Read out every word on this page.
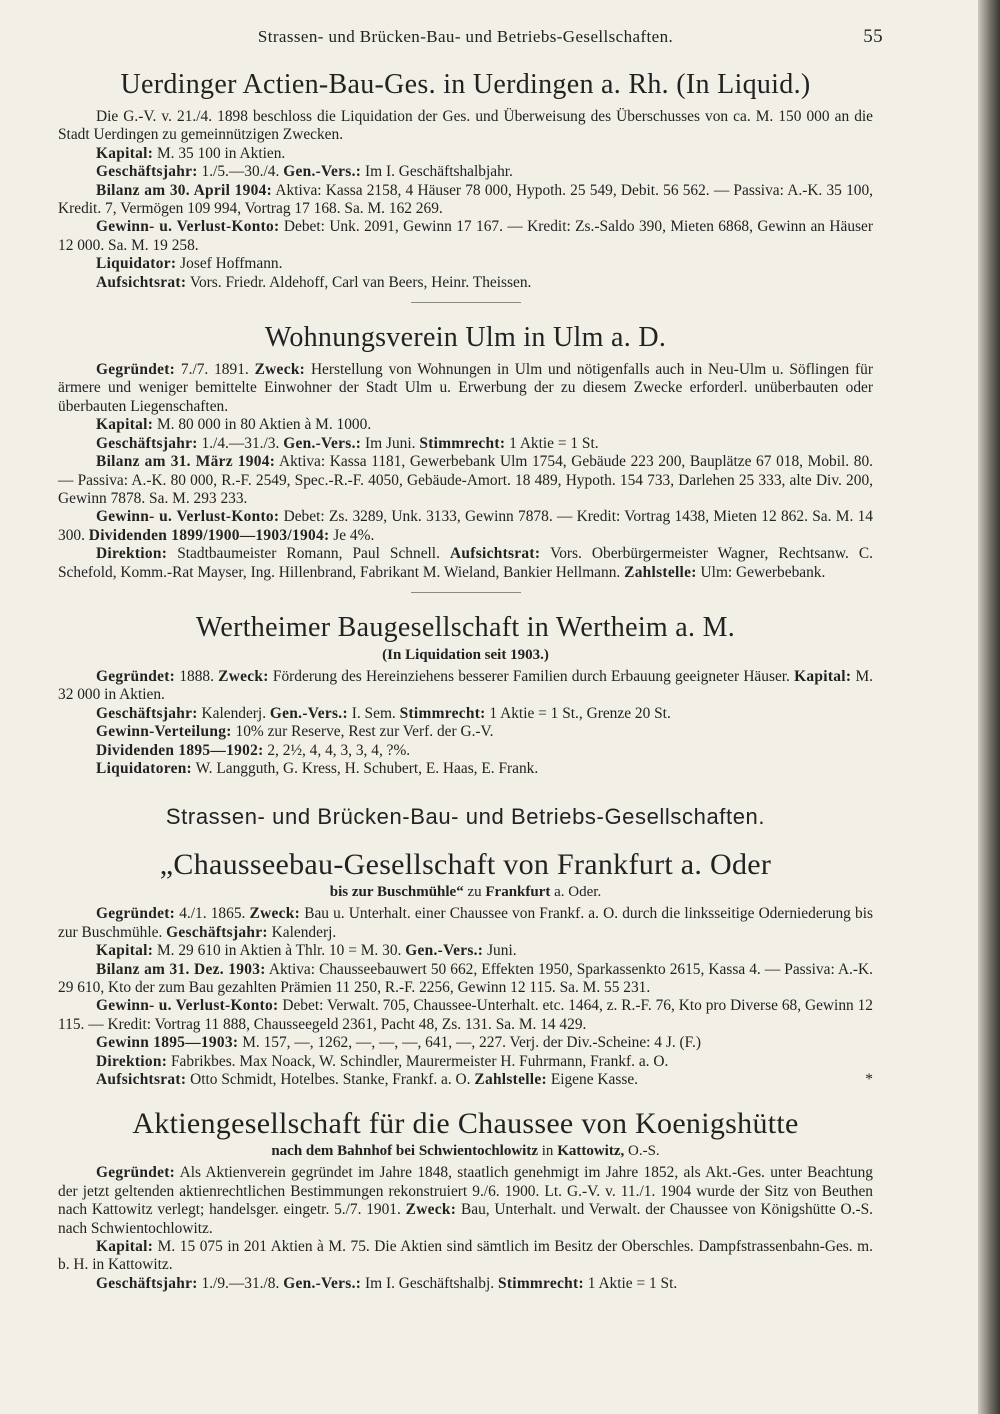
Strassen- und Brücken-Bau- und Betriebs-Gesellschaften.	55
Uerdinger Actien-Bau-Ges. in Uerdingen a. Rh. (In Liquid.)

Die G.-V. v. 21./4. 1898 beschloss die Liquidation der Ges. und Überweisung des Überschusses von ca. M. 150 000 an die Stadt Uerdingen zu gemeinnützigen Zwecken.

Kapital: M. 35 100 in Aktien.

Geschäftsjahr: 1./5.—30./4. Gen.-Vers.: Im I. Geschäftshalbjahr.

Bilanz am 30. April 1904: Aktiva: Kassa 2158, 4 Häuser 78 000, Hypoth. 25 549, Debit. 56 562. — Passiva: A.-K. 35 100, Kredit. 7, Vermögen 109 994, Vortrag 17 168. Sa. M. 162 269.

Gewinn- u. Verlust-Konto: Debet: Unk. 2091, Gewinn 17 167. — Kredit: Zs.-Saldo 390, Mieten 6868, Gewinn an Häuser 12 000. Sa. M. 19 258.

Liquidator: Josef Hoffmann.

Aufsichtsrat: Vors. Friedr. Aldehoff, Carl van Beers, Heinr. Theissen.

Wohnungsverein Ulm in Ulm a. D.

Gegründet: 7./7. 1891. Zweck: Herstellung von Wohnungen in Ulm und nötigenfalls auch in Neu-Ulm u. Söflingen für ärmere und weniger bemittelte Einwohner der Stadt Ulm u. Erwerbung der zu diesem Zwecke erforderl. unüberbauten oder überbauten Liegenschaften.

Kapital: M. 80 000 in 80 Aktien à M. 1000.

Geschäftsjahr: 1./4.—31./3. Gen.-Vers.: Im Juni. Stimmrecht: 1 Aktie = 1 St.

Bilanz am 31. März 1904: Aktiva: Kassa 1181, Gewerbebank Ulm 1754, Gebäude 223 200, Bauplätze 67 018, Mobil. 80. — Passiva: A.-K. 80 000, R.-F. 2549, Spec.-R.-F. 4050, Gebäude-Amort. 18 489, Hypoth. 154 733, Darlehen 25 333, alte Div. 200, Gewinn 7878. Sa. M. 293 233.

Gewinn- u. Verlust-Konto: Debet: Zs. 3289, Unk. 3133, Gewinn 7878. — Kredit: Vortrag 1438, Mieten 12 862. Sa. M. 14 300. Dividenden 1899/1900—1903/1904: Je 4%.

Direktion: Stadtbaumeister Romann, Paul Schnell. Aufsichtsrat: Vors. Oberbürgermeister Wagner, Rechtsanw. C. Schefold, Komm.-Rat Mayser, Ing. Hillenbrand, Fabrikant M. Wieland, Bankier Hellmann. Zahlstelle: Ulm: Gewerbebank.

Wertheimer Baugesellschaft in Wertheim a. M.
(In Liquidation seit 1903.)

Gegründet: 1888. Zweck: Förderung des Hereinziehens besserer Familien durch Erbauung geeigneter Häuser. Kapital: M. 32 000 in Aktien.

Geschäftsjahr: Kalenderj. Gen.-Vers.: I. Sem. Stimmrecht: 1 Aktie = 1 St., Grenze 20 St.

Gewinn-Verteilung: 10% zur Reserve, Rest zur Verf. der G.-V.

Dividenden 1895—1902: 2, 2½, 4, 4, 3, 3, 4, ?%.

Liquidatoren: W. Langguth, G. Kress, H. Schubert, E. Haas, E. Frank.

Strassen- und Brücken-Bau- und Betriebs-Gesellschaften.
„Chausseebau-Gesellschaft von Frankfurt a. Oder
bis zur Buschmühle“ zu Frankfurt a. Oder.

Gegründet: 4./1. 1865. Zweck: Bau u. Unterhalt. einer Chaussee von Frankf. a. O. durch die linksseitige Oderniederung bis zur Buschmühle. Geschäftsjahr: Kalenderj.

Kapital: M. 29 610 in Aktien à Thlr. 10 = M. 30. Gen.-Vers.: Juni.

Bilanz am 31. Dez. 1903: Aktiva: Chausseebauwert 50 662, Effekten 1950, Sparkassenkto 2615, Kassa 4. — Passiva: A.-K. 29 610, Kto der zum Bau gezahlten Prämien 11 250, R.-F. 2256, Gewinn 12 115. Sa. M. 55 231.

Gewinn- u. Verlust-Konto: Debet: Verwalt. 705, Chaussee-Unterhalt. etc. 1464, z. R.-F. 76, Kto pro Diverse 68, Gewinn 12 115. — Kredit: Vortrag 11 888, Chausseegeld 2361, Pacht 48, Zs. 131. Sa. M. 14 429.

Gewinn 1895—1903: M. 157, —, 1262, —, —, —, 641, —, 227. Verj. der Div.-Scheine: 4 J. (F.)

Direktion: Fabrikbes. Max Noack, W. Schindler, Maurermeister H. Fuhrmann, Frankf. a. O.

Aufsichtsrat: Otto Schmidt, Hotelbes. Stanke, Frankf. a. O. Zahlstelle: Eigene Kasse.	*

Aktiengesellschaft für die Chaussee von Koenigshütte
nach dem Bahnhof bei Schwientochlowitz in Kattowitz, O.-S.

Gegründet: Als Aktienverein gegründet im Jahre 1848, staatlich genehmigt im Jahre 1852, als Akt.-Ges. unter Beachtung der jetzt geltenden aktienrechtlichen Bestimmungen rekonstruiert 9./6. 1900. Lt. G.-V. v. 11./1. 1904 wurde der Sitz von Beuthen nach Kattowitz verlegt; handelsger. eingetr. 5./7. 1901. Zweck: Bau, Unterhalt. und Verwalt. der Chaussee von Königshütte O.-S. nach Schwientochlowitz.

Kapital: M. 15 075 in 201 Aktien à M. 75. Die Aktien sind sämtlich im Besitz der Oberschles. Dampfstrassenbahn-Ges. m. b. H. in Kattowitz.

Geschäftsjahr: 1./9.—31./8. Gen.-Vers.: Im I. Geschäftshalbj. Stimmrecht: 1 Aktie = 1 St.
